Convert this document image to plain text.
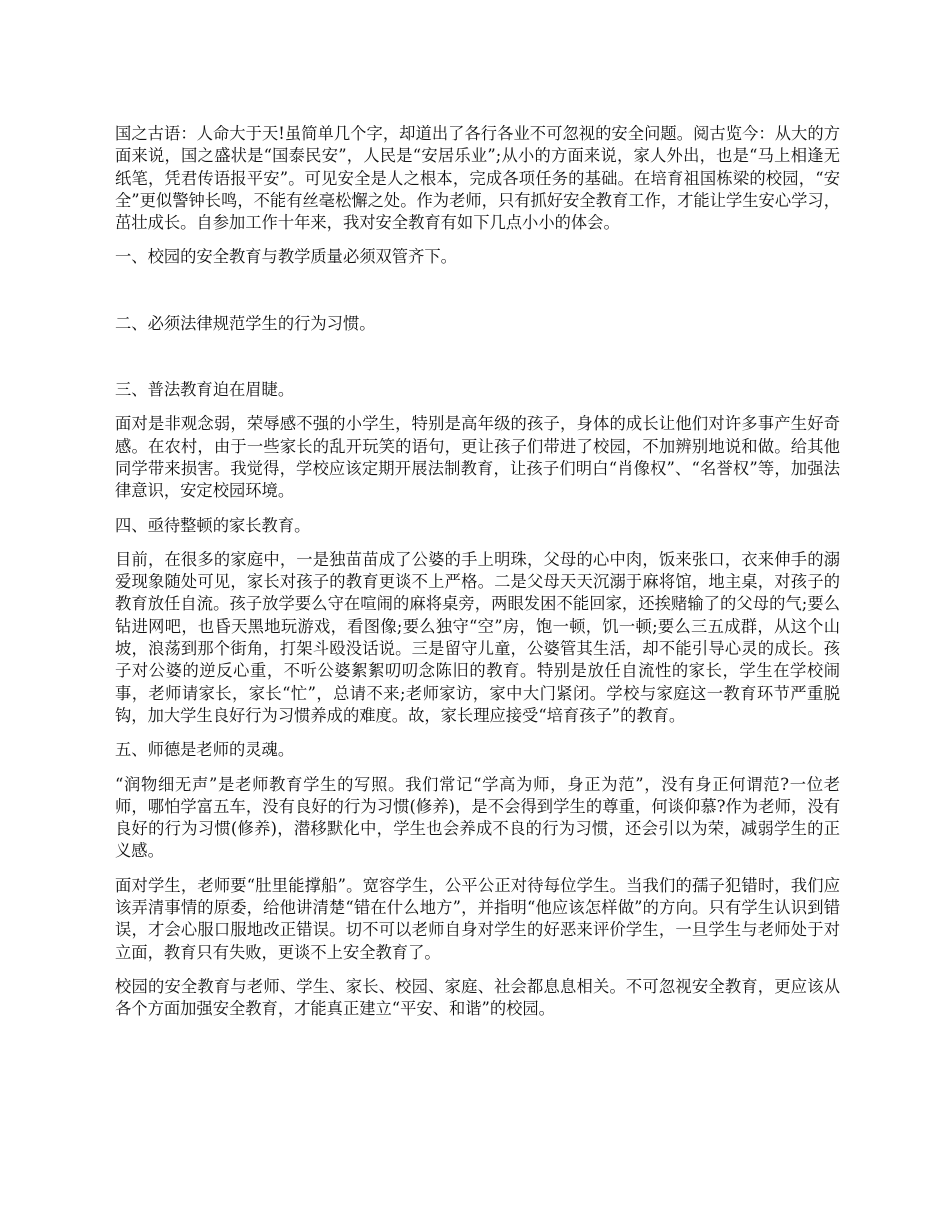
国之古语：人命大于天!虽简单几个字，却道出了各行各业不可忽视的安全问题。阅古览今：从大的方面来说，国之盛状是“国泰民安”，人民是“安居乐业”;从小的方面来说，家人外出，也是“马上相逢无纸笔，凭君传语报平安”。可见安全是人之根本，完成各项任务的基础。在培育祖国栋梁的校园，“安全”更似警钟长鸣，不能有丝毫松懈之处。作为老师，只有抓好安全教育工作，才能让学生安心学习，茁壮成长。自参加工作十年来，我对安全教育有如下几点小小的体会。

一、校园的安全教育与教学质量必须双管齐下。

二、必须法律规范学生的行为习惯。

三、普法教育迫在眉睫。

面对是非观念弱，荣辱感不强的小学生，特别是高年级的孩子，身体的成长让他们对许多事产生好奇感。在农村，由于一些家长的乱开玩笑的语句，更让孩子们带进了校园，不加辨别地说和做。给其他同学带来损害。我觉得，学校应该定期开展法制教育，让孩子们明白“肖像权”、“名誉权”等，加强法律意识，安定校园环境。

四、亟待整顿的家长教育。

目前，在很多的家庭中，一是独苗苗成了公婆的手上明珠，父母的心中肉，饭来张口，衣来伸手的溺爱现象随处可见，家长对孩子的教育更谈不上严格。二是父母天天沉溺于麻将馆，地主桌，对孩子的教育放任自流。孩子放学要么守在喧闹的麻将桌旁，两眼发困不能回家，还挨赌输了的父母的气;要么钻进网吧，也昏天黑地玩游戏，看图像;要么独守“空”房，饱一顿，饥一顿;要么三五成群，从这个山坡，浪荡到那个街角，打架斗殴没话说。三是留守儿童，公婆管其生活，却不能引导心灵的成长。孩子对公婆的逆反心重，不听公婆絮絮叨叨念陈旧的教育。特别是放任自流性的家长，学生在学校闹事，老师请家长，家长“忙”，总请不来;老师家访，家中大门紧闭。学校与家庭这一教育环节严重脱钩，加大学生良好行为习惯养成的难度。故，家长理应接受“培育孩子”的教育。

五、师德是老师的灵魂。

“润物细无声”是老师教育学生的写照。我们常记“学高为师，身正为范”，没有身正何谓范?一位老师，哪怕学富五车，没有良好的行为习惯(修养)，是不会得到学生的尊重，何谈仰慕?作为老师，没有良好的行为习惯(修养)，潜移默化中，学生也会养成不良的行为习惯，还会引以为荣，减弱学生的正义感。

面对学生，老师要“肚里能撑船”。宽容学生，公平公正对待每位学生。当我们的孺子犯错时，我们应该弄清事情的原委，给他讲清楚“错在什么地方”，并指明“他应该怎样做”的方向。只有学生认识到错误，才会心服口服地改正错误。切不可以老师自身对学生的好恶来评价学生，一旦学生与老师处于对立面，教育只有失败，更谈不上安全教育了。

校园的安全教育与老师、学生、家长、校园、家庭、社会都息息相关。不可忽视安全教育，更应该从各个方面加强安全教育，才能真正建立“平安、和谐”的校园。
